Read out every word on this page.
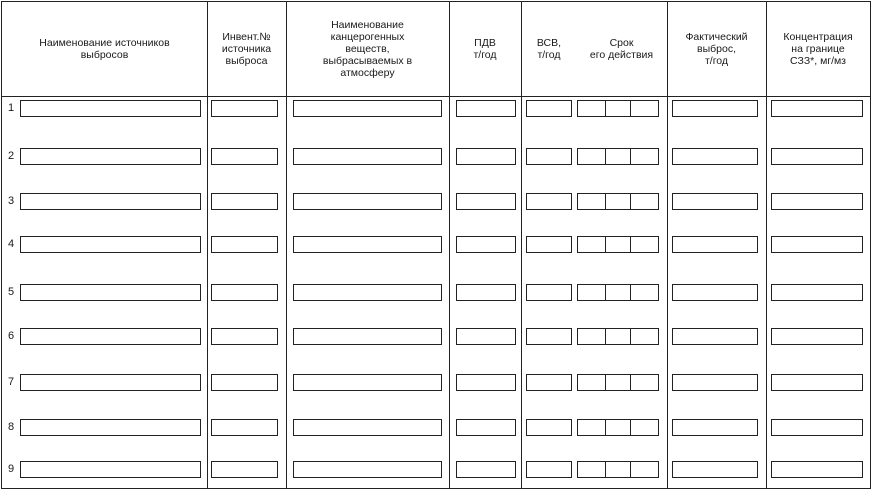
Наименование источников
выбросов
Инвент.№
источника
выброса
Наименование
канцерогенных
веществ,
выбрасываемых в
атмосферу
ПДВ
т/год
ВСВ,
т/год
Срок
его действия
Фактический
выброс,
т/год
Концентрация
на границе
СЗЗ*, мг/мз
1
2
3
4
5
6
7
8
9
